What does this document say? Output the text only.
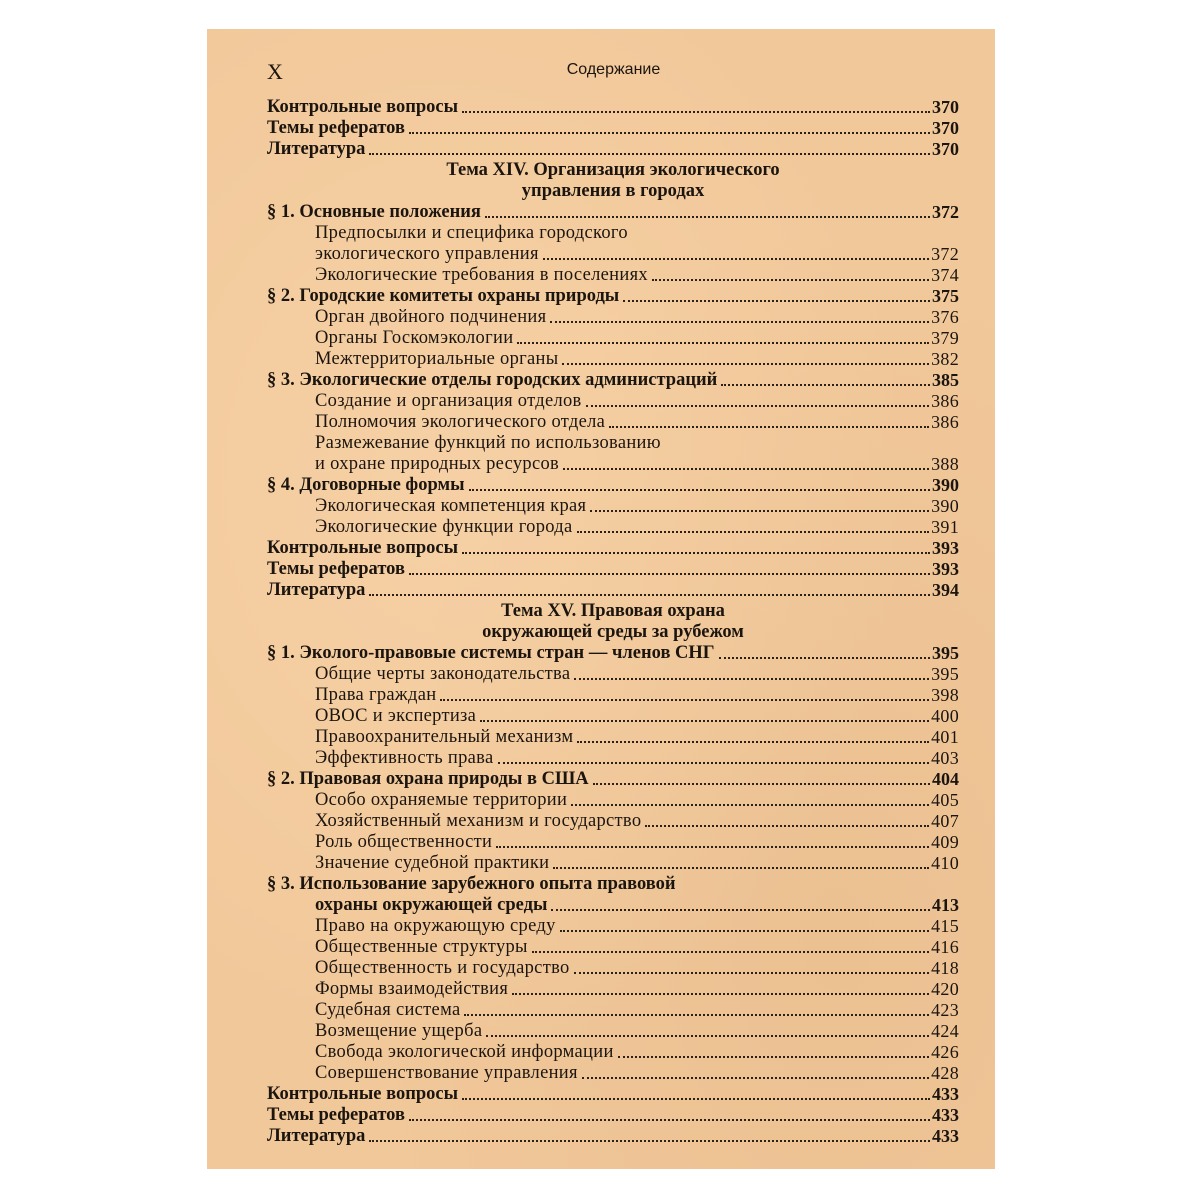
X	Содержание
Контрольные вопросы	370
Темы рефератов	370
Литература	370
Тема XIV. Организация экологического
управления в городах
§ 1. Основные положения	372
Предпосылки и специфика городского
экологического управления	372
Экологические требования в поселениях	374
§ 2. Городские комитеты охраны природы	375
Орган двойного подчинения	376
Органы Госкомэкологии	379
Межтерриториальные органы	382
§ 3. Экологические отделы городских администраций	385
Создание и организация отделов	386
Полномочия экологического отдела	386
Размежевание функций по использованию
и охране природных ресурсов	388
§ 4. Договорные формы	390
Экологическая компетенция края	390
Экологические функции города	391
Контрольные вопросы	393
Темы рефератов	393
Литература	394
Тема XV. Правовая охрана
окружающей среды за рубежом
§ 1. Эколого-правовые системы стран — членов СНГ	395
Общие черты законодательства	395
Права граждан	398
ОВОС и экспертиза	400
Правоохранительный механизм	401
Эффективность права	403
§ 2. Правовая охрана природы в США	404
Особо охраняемые территории	405
Хозяйственный механизм и государство	407
Роль общественности	409
Значение судебной практики	410
§ 3. Использование зарубежного опыта правовой
охраны окружающей среды	413
Право на окружающую среду	415
Общественные структуры	416
Общественность и государство	418
Формы взаимодействия	420
Судебная система	423
Возмещение ущерба	424
Свобода экологической информации	426
Совершенствование управления	428
Контрольные вопросы	433
Темы рефератов	433
Литература	433
